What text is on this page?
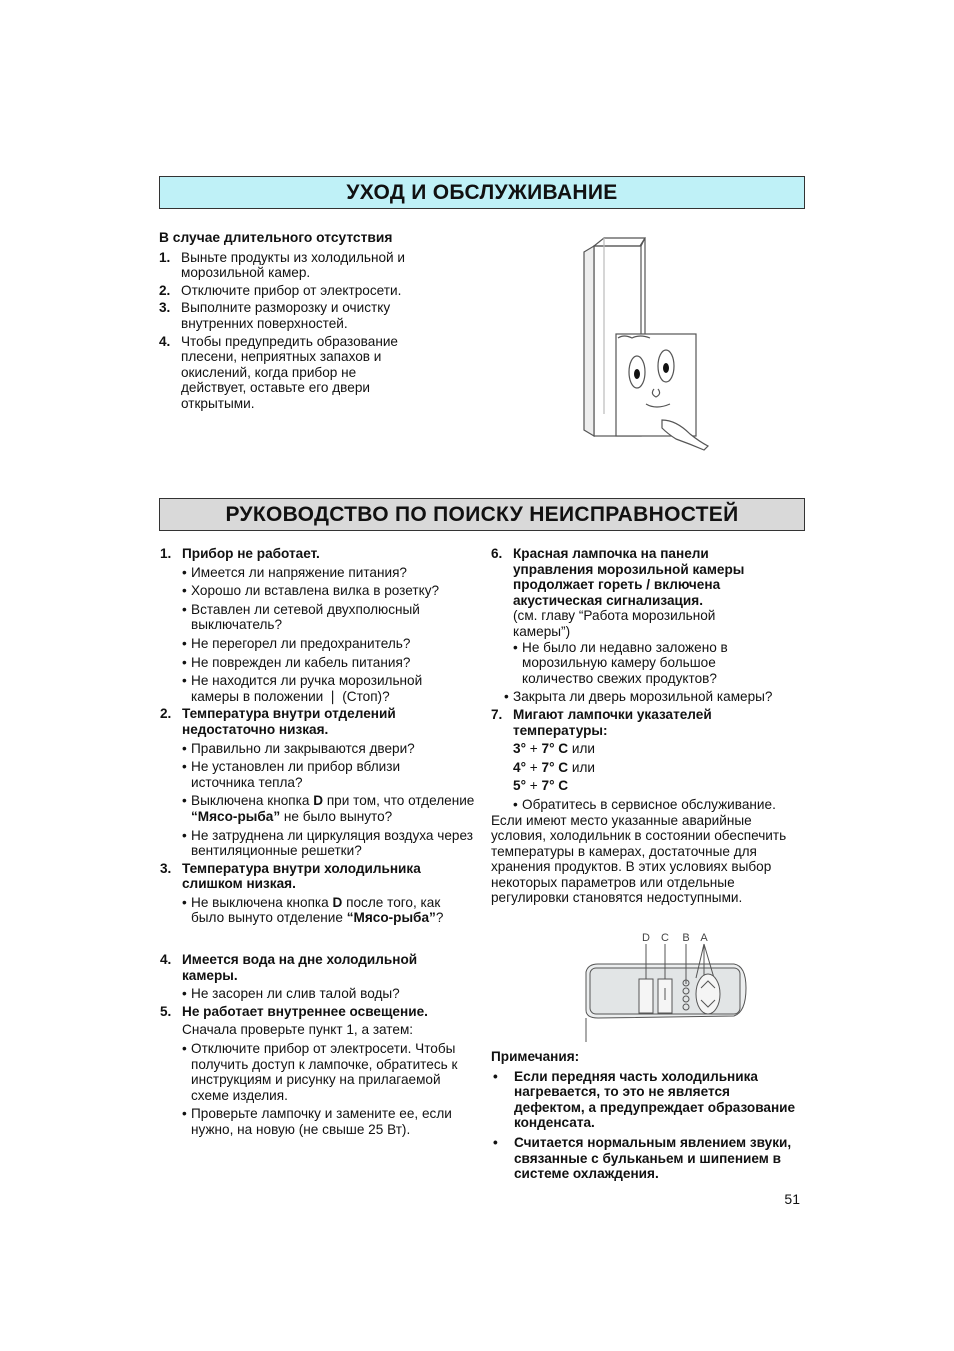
УХОД И ОБСЛУЖИВАНИЕ
В случае длительного отсутствия
1. Выньте продукты из холодильной и морозильной камер.
2. Отключите прибор от электросети.
3. Выполните разморозку и очистку внутренних поверхностей.
4. Чтобы предупредить образование плесени, неприятных запахов и окислений, когда прибор не действует, оставьте его двери открытыми.
РУКОВОДСТВО ПО ПОИСКУ НЕИСПРАВНОСТЕЙ
1. Прибор не работает.
• Имеется ли напряжение питания?
• Хорошо ли вставлена вилка в розетку?
• Вставлен ли сетевой двухполюсный выключатель?
• Не перегорел ли предохранитель?
• Не поврежден ли кабель питания?
• Не находится ли ручка морозильной камеры в положении ❘ (Стоп)?
2. Температура внутри отделений недостаточно низкая.
• Правильно ли закрываются двери?
• Не установлен ли прибор вблизи источника тепла?
• Выключена кнопка D при том, что отделение “Мясо-рыба” не было вынуто?
• Не затруднена ли циркуляция воздуха через вентиляционные решетки?
3. Температура внутри холодильника слишком низкая.
• Не выключена кнопка D после того, как было вынуто отделение “Мясо-рыба”?
4. Имеется вода на дне холодильной камеры.
• Не засорен ли слив талой воды?
5. Не работает внутреннее освещение.
Сначала проверьте пункт 1, а затем:
• Отключите прибор от электросети. Чтобы получить доступ к лампочке, обратитесь к инструкциям и рисунку на прилагаемой схеме изделия.
• Проверьте лампочку и замените ее, если нужно, на новую (не свыше 25 Вт).
6. Красная лампочка на панели управления морозильной камеры продолжает гореть / включена акустическая сигнализация.
(см. главу “Работа морозильной камеры”)
• Не было ли недавно заложено в морозильную камеру большое количество свежих продуктов?
• Закрыта ли дверь морозильной камеры?
7. Мигают лампочки указателей температуры:
3° + 7° C или
4° + 7° C или
5° + 7° C
• Обратитесь в сервисное обслуживание.
Если имеют место указанные аварийные условия, холодильник в состоянии обеспечить температуры в камерах, достаточные для хранения продуктов. В этих условиях выбор некоторых параметров или отдельные регулировки становятся недоступными.
D C B A
Примечания:
• Если передняя часть холодильника нагревается, то это не является дефектом, а предупреждает образование конденсата.
• Считается нормальным явлением звуки, связанные с бульканьем и шипением в системе охлаждения.
51
